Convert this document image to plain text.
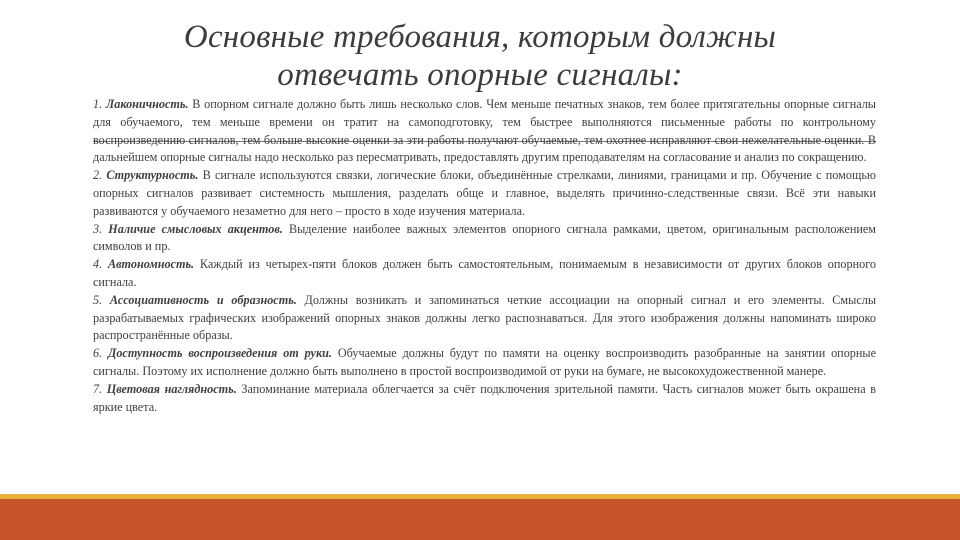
Основные требования, которым должны
отвечать опорные сигналы:

1. Лаконичность. В опорном сигнале должно быть лишь несколько слов. Чем меньше печатных знаков, тем более притягательны опорные сигналы для обучаемого, тем меньше времени он тратит на самоподготовку, тем быстрее выполняются письменные работы по контрольному воспроизведению сигналов, тем больше высокие оценки за эти работы получают обучаемые, тем охотнее исправляют свои нежелательные оценки. В дальнейшем опорные сигналы надо несколько раз пересматривать, предоставлять другим преподавателям на согласование и анализ по сокращению.

2. Структурность. В сигнале используются связки, логические блоки, объединённые стрелками, линиями, границами и пр. Обучение с помощью опорных сигналов развивает системность мышления, разделать обще и главное, выделять причинно-следственные связи. Всё эти навыки развиваются у обучаемого незаметно для него – просто в ходе изучения материала.

3. Наличие смысловых акцентов. Выделение наиболее важных элементов опорного сигнала рамками, цветом, оригинальным расположением символов и пр.

4. Автономность. Каждый из четырех-пяти блоков должен быть самостоятельным, понимаемым в независимости от других блоков опорного сигнала.

5. Ассоциативность и образность. Должны возникать и запоминаться четкие ассоциации на опорный сигнал и его элементы. Смыслы разрабатываемых графических изображений опорных знаков должны легко распознаваться. Для этого изображения должны напоминать широко распространённые образы.

6. Доступность воспроизведения от руки. Обучаемые должны будут по памяти на оценку воспроизводить разобранные на занятии опорные сигналы. Поэтому их исполнение должно быть выполнено в простой воспроизводимой от руки на бумаге, не высокохудожественной манере.

7. Цветовая наглядность. Запоминание материала облегчается за счёт подключения зрительной памяти. Часть сигналов может быть окрашена в яркие цвета.
